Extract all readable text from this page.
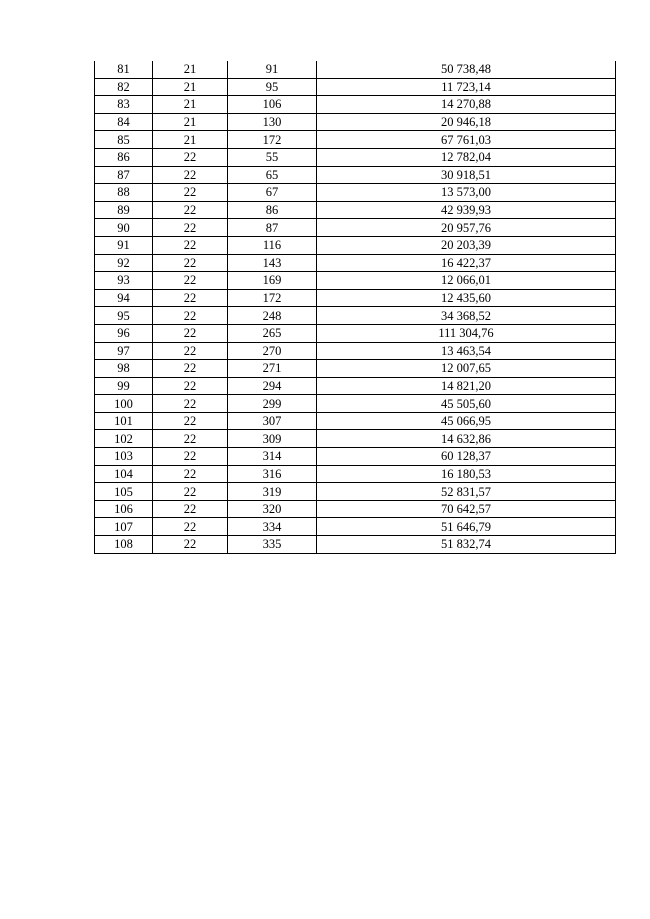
81	21	91	50 738,48
82	21	95	11 723,14
83	21	106	14 270,88
84	21	130	20 946,18
85	21	172	67 761,03
86	22	55	12 782,04
87	22	65	30 918,51
88	22	67	13 573,00
89	22	86	42 939,93
90	22	87	20 957,76
91	22	116	20 203,39
92	22	143	16 422,37
93	22	169	12 066,01
94	22	172	12 435,60
95	22	248	34 368,52
96	22	265	111 304,76
97	22	270	13 463,54
98	22	271	12 007,65
99	22	294	14 821,20
100	22	299	45 505,60
101	22	307	45 066,95
102	22	309	14 632,86
103	22	314	60 128,37
104	22	316	16 180,53
105	22	319	52 831,57
106	22	320	70 642,57
107	22	334	51 646,79
108	22	335	51 832,74
